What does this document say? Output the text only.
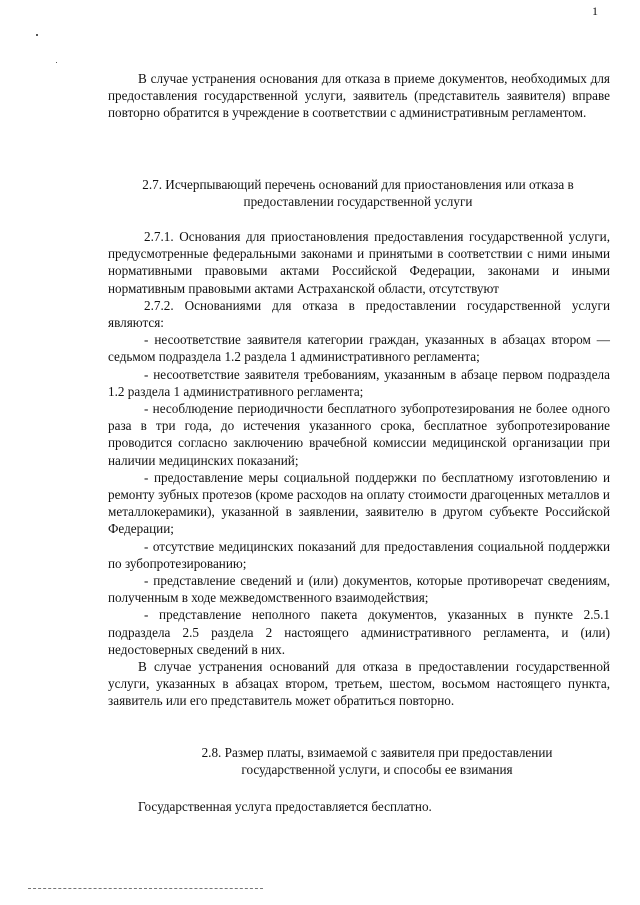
1

В случае устранения основания для отказа в приеме документов, необходимых для предоставления государственной услуги, заявитель (представитель заявителя) вправе повторно обратится в учреждение в соответствии с административным регламентом.

2.7. Исчерпывающий перечень оснований для приостановления или отказа в предоставлении государственной услуги

2.7.1. Основания для приостановления предоставления государственной услуги, предусмотренные федеральными законами и принятыми в соответствии с ними иными нормативными правовыми актами Российской Федерации, законами и иными нормативным правовыми актами Астраханской области, отсутствуют

2.7.2. Основаниями для отказа в предоставлении государственной услуги являются:

- несоответствие заявителя категории граждан, указанных в абзацах втором — седьмом подраздела 1.2 раздела 1 административного регламента;

- несоответствие заявителя требованиям, указанным в абзаце первом подраздела 1.2 раздела 1 административного регламента;

- несоблюдение периодичности бесплатного зубопротезирования не более одного раза в три года, до истечения указанного срока, бесплатное зубопротезирование проводится согласно заключению врачебной комиссии медицинской организации при наличии медицинских показаний;

- предоставление меры социальной поддержки по бесплатному изготовлению и ремонту зубных протезов (кроме расходов на оплату стоимости драгоценных металлов и металлокерамики), указанной в заявлении, заявителю в другом субъекте Российской Федерации;

- отсутствие медицинских показаний для предоставления социальной поддержки по зубопротезированию;

- представление сведений и (или) документов, которые противоречат сведениям, полученным в ходе межведомственного взаимодействия;

- представление неполного пакета документов, указанных в пункте 2.5.1 подраздела 2.5 раздела 2 настоящего административного регламента, и (или) недостоверных сведений в них.

В случае устранения оснований для отказа в предоставлении государственной услуги, указанных в абзацах втором, третьем, шестом, восьмом настоящего пункта, заявитель или его представитель может обратиться повторно.

2.8. Размер платы, взимаемой с заявителя при предоставлении государственной услуги, и способы ее взимания

Государственная услуга предоставляется бесплатно.
